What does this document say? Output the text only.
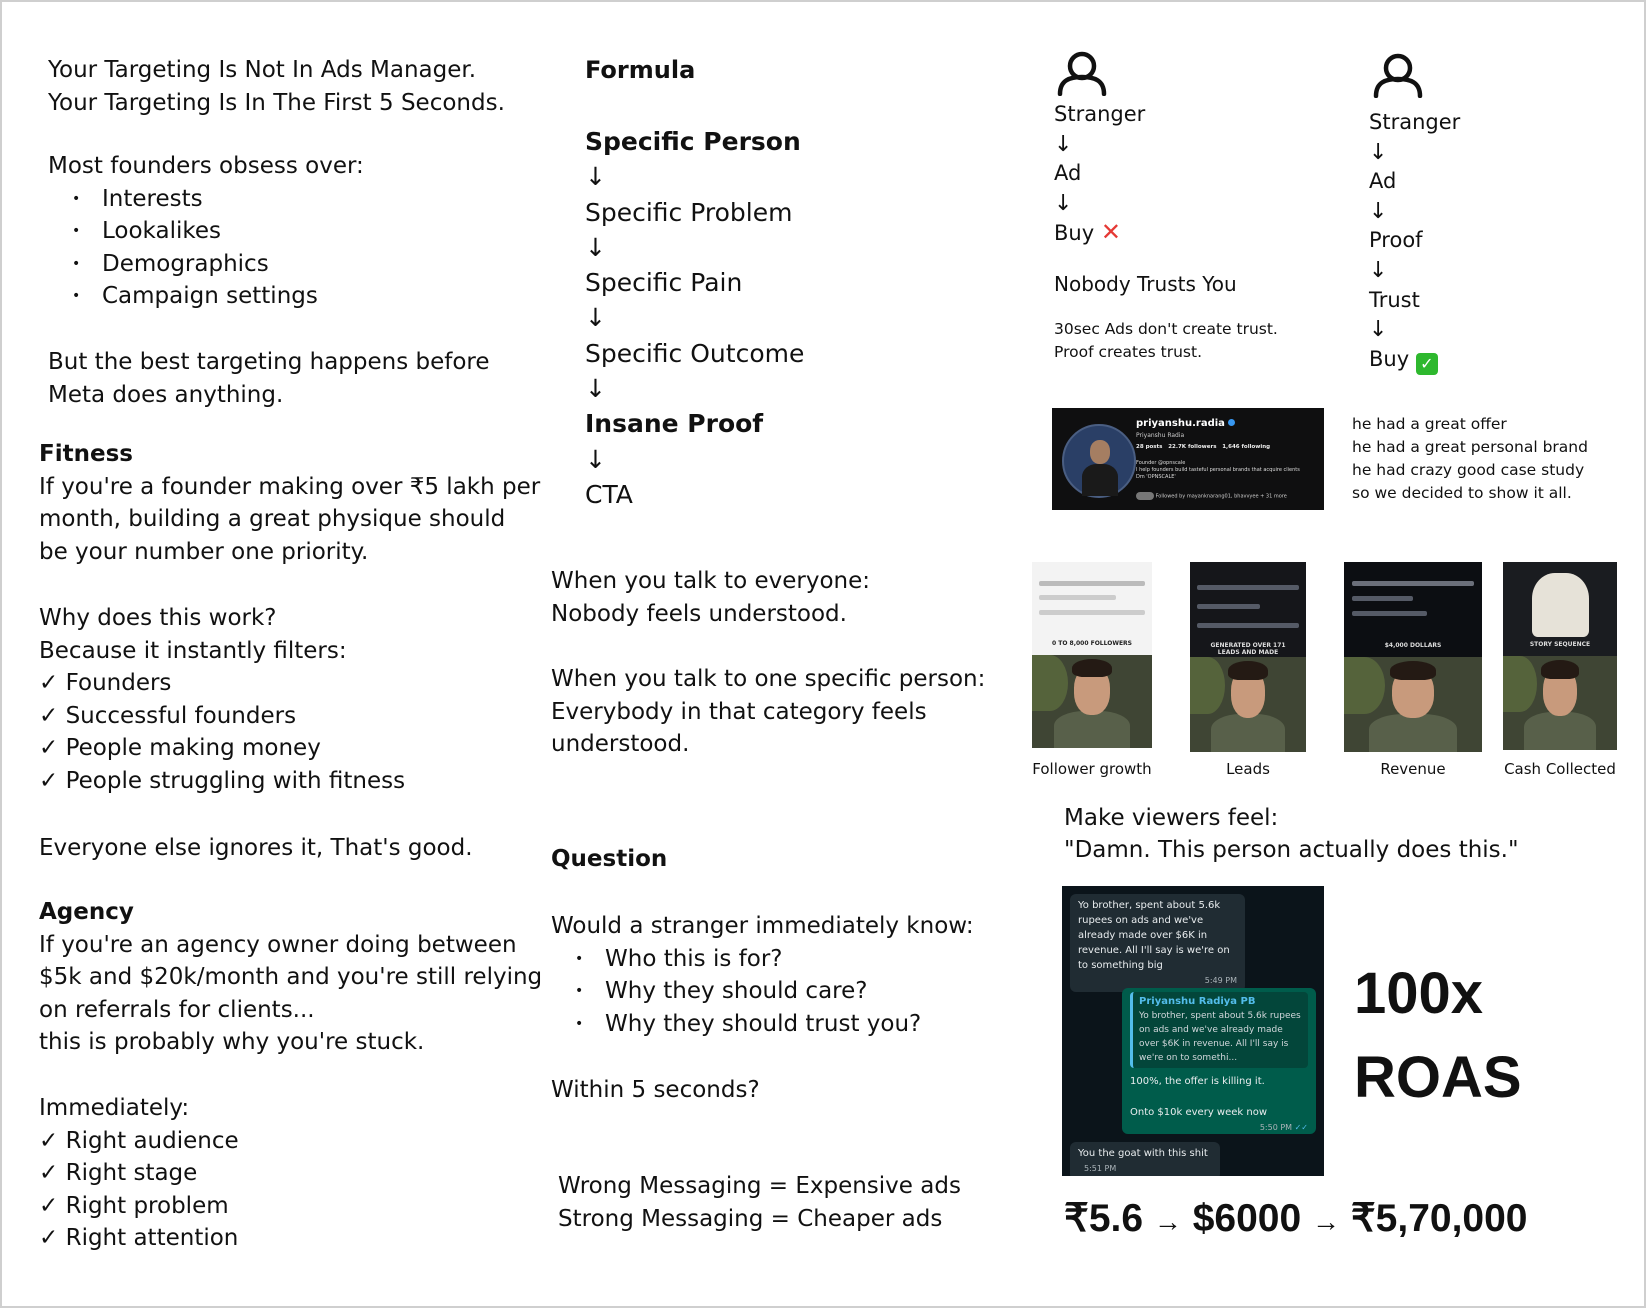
Your Targeting Is Not In Ads Manager.
Your Targeting Is In The First 5 Seconds.
Most founders obsess over:
• Interests
• Lookalikes
• Demographics
• Campaign settings
But the best targeting happens before
Meta does anything.
Fitness
If you're a founder making over ₹5 lakh per
month, building a great physique should
be your number one priority.
Why does this work?
Because it instantly filters:
✓ Founders
✓ Successful founders
✓ People making money
✓ People struggling with fitness
Everyone else ignores it, That's good.
Agency
If you're an agency owner doing between
$5k and $20k/month and you're still relying
on referrals for clients...
this is probably why you're stuck.
Immediately:
✓ Right audience
✓ Right stage
✓ Right problem
✓ Right attention
Formula
Specific Person
↓
Specific Problem
↓
Specific Pain
↓
Specific Outcome
↓
Insane Proof
↓
CTA
When you talk to everyone:
Nobody feels understood.
When you talk to one specific person:
Everybody in that category feels
understood.
Question
Would a stranger immediately know:
• Who this is for?
• Why they should care?
• Why they should trust you?
Within 5 seconds?
Wrong Messaging = Expensive ads
Strong Messaging = Cheaper ads
Stranger
↓
Ad
↓
Buy ✕
Nobody Trusts You
30sec Ads don't create trust.
Proof creates trust.
Stranger
↓
Ad
↓
Proof
↓
Trust
↓
Buy ✓
priyanshu.radia
Priyanshu Radia
28 posts   22.7K followers   1,646 following
Founder @opnscale
I help founders build tasteful personal brands that acquire clients
Dm 'OPNSCALE'
Followed by mayanknarang01, bhavvyee + 31 more
he had a great offer
he had a great personal brand
he had crazy good case study
so we decided to show it all.
0 TO 8,000 FOLLOWERS	GENERATED OVER 171 LEADS AND MADE
$4,000 DOLLARS	STORY SEQUENCE
Follower growth	Leads	Revenue	Cash Collected
Make viewers feel:
"Damn. This person actually does this."
Yo brother, spent about 5.6k rupees on ads and we've already made over $6K in revenue. All I'll say is we're on to something big
5:49 PM
Priyanshu Radiya PB
Yo brother, spent about 5.6k rupees on ads and we've already made over $6K in revenue. All I'll say is we're on to somethi...
100%, the offer is killing it.
Onto $10k every week now
5:50 PM ✓✓
You the goat with this shit 5:51 PM
100x
ROAS
₹5.6 → $6000 → ₹5,70,000
